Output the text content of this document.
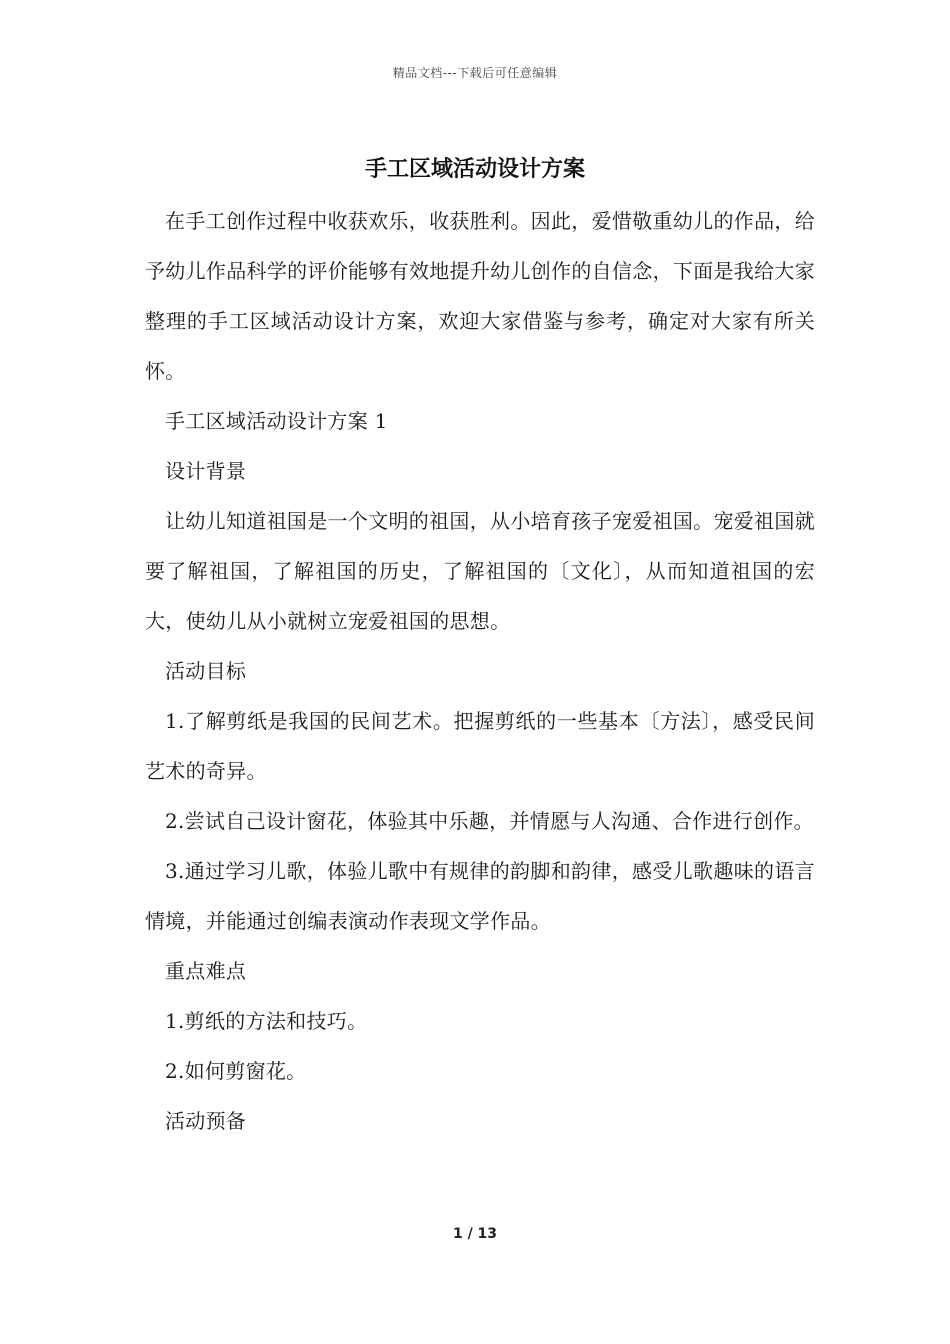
精品文档---下载后可任意编辑
手工区域活动设计方案

在手工创作过程中收获欢乐，收获胜利。因此，爱惜敬重幼儿的作品，给予幼儿作品科学的评价能够有效地提升幼儿创作的自信念，下面是我给大家整理的手工区域活动设计方案，欢迎大家借鉴与参考，确定对大家有所关怀。

手工区域活动设计方案 1

设计背景

让幼儿知道祖国是一个文明的祖国，从小培育孩子宠爱祖国。宠爱祖国就要了解祖国，了解祖国的历史，了解祖国的〔文化〕，从而知道祖国的宏大，使幼儿从小就树立宠爱祖国的思想。

活动目标

1.了解剪纸是我国的民间艺术。把握剪纸的一些基本〔方法〕，感受民间艺术的奇异。

2.尝试自己设计窗花，体验其中乐趣，并情愿与人沟通、合作进行创作。

3.通过学习儿歌，体验儿歌中有规律的韵脚和韵律，感受儿歌趣味的语言情境，并能通过创编表演动作表现文学作品。

重点难点

1.剪纸的方法和技巧。

2.如何剪窗花。

活动预备

1 / 13
